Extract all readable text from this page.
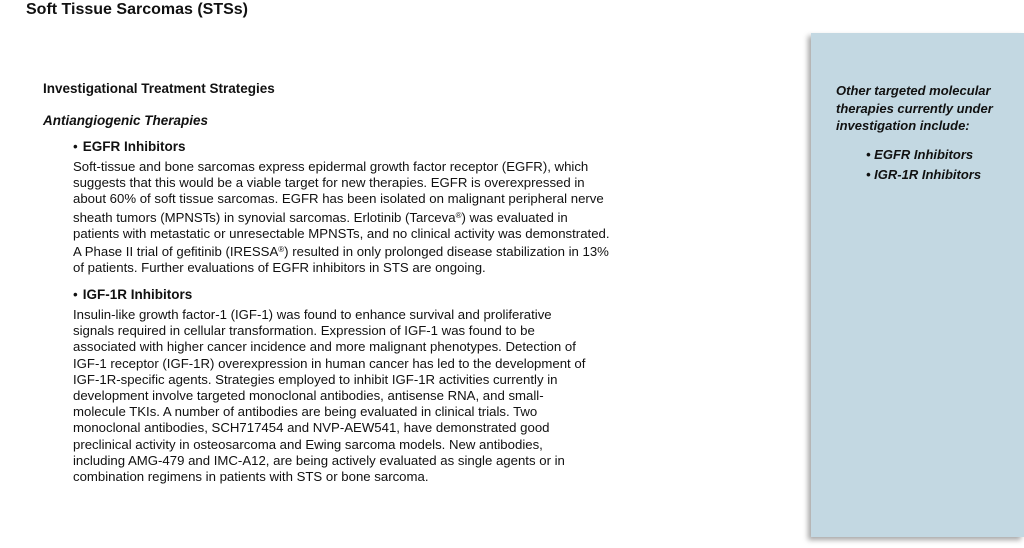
Soft Tissue Sarcomas (STSs)
Investigational Treatment Strategies
Antiangiogenic Therapies
• EGFR Inhibitors
Soft-tissue and bone sarcomas express epidermal growth factor receptor (EGFR), which
suggests that this would be a viable target for new therapies. EGFR is overexpressed in
about 60% of soft tissue sarcomas. EGFR has been isolated on malignant peripheral nerve
sheath tumors (MPNSTs) in synovial sarcomas. Erlotinib (Tarceva®) was evaluated in
patients with metastatic or unresectable MPNSTs, and no clinical activity was demonstrated.
A Phase II trial of gefitinib (IRESSA®) resulted in only prolonged disease stabilization in 13%
of patients. Further evaluations of EGFR inhibitors in STS are ongoing.
• IGF-1R Inhibitors
Insulin-like growth factor-1 (IGF-1) was found to enhance survival and proliferative
signals required in cellular transformation. Expression of IGF-1 was found to be
associated with higher cancer incidence and more malignant phenotypes. Detection of
IGF-1 receptor (IGF-1R) overexpression in human cancer has led to the development of
IGF-1R-specific agents. Strategies employed to inhibit IGF-1R activities currently in
development involve targeted monoclonal antibodies, antisense RNA, and small-
molecule TKIs. A number of antibodies are being evaluated in clinical trials. Two
monoclonal antibodies, SCH717454 and NVP-AEW541, have demonstrated good
preclinical activity in osteosarcoma and Ewing sarcoma models. New antibodies,
including AMG-479 and IMC-A12, are being actively evaluated as single agents or in
combination regimens in patients with STS or bone sarcoma.
Other targeted molecular therapies currently under investigation include:
• EGFR Inhibitors
• IGR-1R Inhibitors
